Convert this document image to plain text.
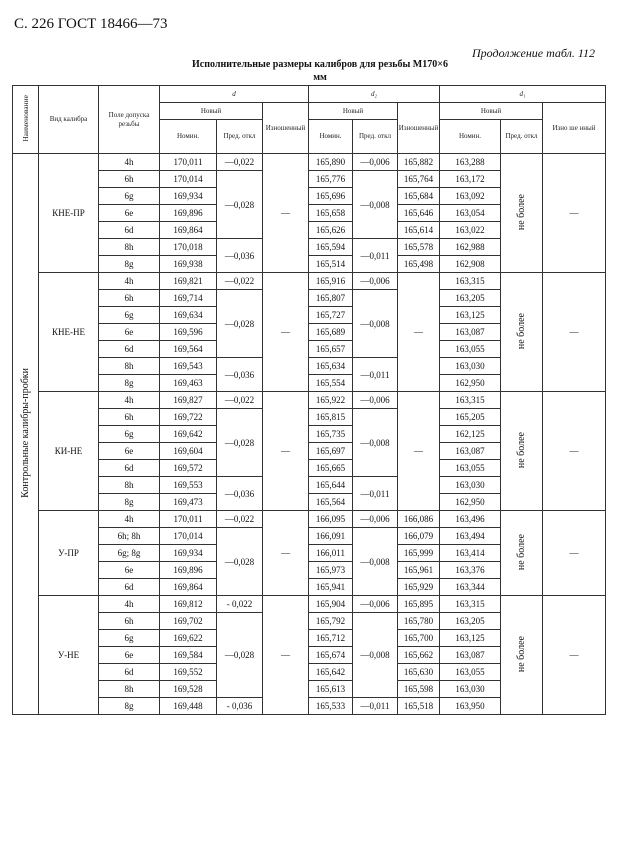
С. 226 ГОСТ 18466—73
Продолжение табл. 112
Исполнительные размеры калибров для резьбы М170×6
мм
Наименование	Вид калибра	Поле допуска резьбы	d			d₂			d₁		
			Новый		Изношенный	Новый		Изношенный	Новый		Изно ше нный
			Номин.	Пред. откл		Номин.	Пред. откл		Номин.	Пред. откл	
Контрольные калибры-пробки	КНЕ-ПР	4h	170,011	—0,022	—	165,890	—0,006	165,882	163,288	не более	—
		6h	170,014	—0,028		165,776	—0,008	165,764	163,172		
		6g	169,934			165,696		165,684	163,092		
		6e	169,896			165,658		165,646	163,054		
		6d	169,864			165,626		165,614	163,022		
		8h	170,018	—0,036		165,594	—0,011	165,578	162,988		
		8g	169,938			165,514		165,498	162,908		
	КНЕ-НЕ	4h	169,821	—0,022	—	165,916	—0,006	—	163,315	не более	—
		6h	169,714	—0,028		165,807	—0,008		163,205		
		6g	169,634			165,727			163,125		
		6e	169,596			165,689			163,087		
		6d	169,564			165,657			163,055		
		8h	169,543	—0,036		165,634	—0,011		163,030		
		8g	169,463			165,554			162,950		
	КИ-НЕ	4h	169,827	—0,022	—	165,922	—0,006	—	163,315	не более	—
		6h	169,722	—0,028		165,815	—0,008		165,205		
		6g	169,642			165,735			162,125		
		6e	169,604			165,697			163,087		
		6d	169,572			165,665			163,055		
		8h	169,553	—0,036		165,644	—0,011		163,030		
		8g	169,473			165,564			162,950		
	У-ПР	4h	170,011	—0,022	—	166,095	—0,006	166,086	163,496	не более	—
		6h; 8h	170,014	—0,028		166,091	—0,008	166,079	163,494		
		6g; 8g	169,934			166,011		165,999	163,414		
		6e	169,896			165,973		165,961	163,376		
		6d	169,864			165,941		165,929	163,344		
	У-НЕ	4h	169,812	- 0,022	—	165,904	—0,006	165,895	163,315	не более	—
		6h	169,702	—0,028		165,792	—0,008	165,780	163,205		
		6g	169,622			165,712		165,700	163,125		
		6e	169,584			165,674		165,662	163,087		
		6d	169,552			165,642		165,630	163,055		
		8h	169,528			165,613		165,598	163,030		
		8g	169,448	- 0,036		165,533	—0,011	165,518	163,950		
